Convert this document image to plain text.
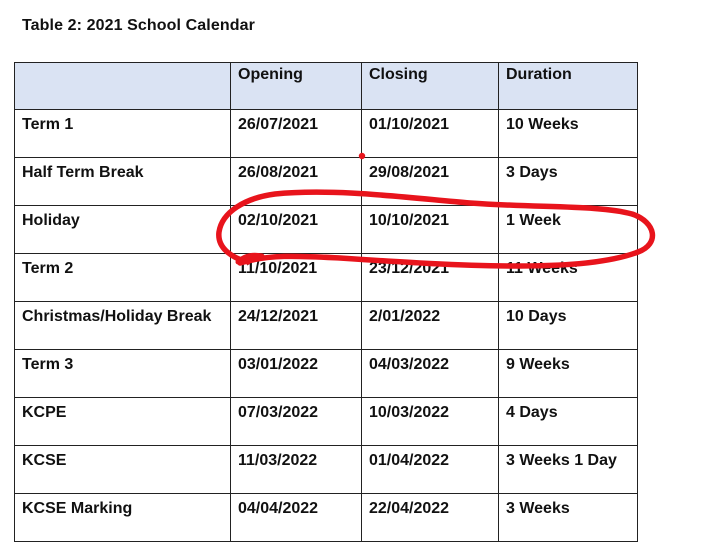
Table 2: 2021 School Calendar
	Opening	Closing	Duration
Term 1	26/07/2021	01/10/2021	10 Weeks
Half Term Break	26/08/2021	29/08/2021	3 Days
Holiday	02/10/2021	10/10/2021	1 Week
Term 2	11/10/2021	23/12/2021	11 Weeks
Christmas/Holiday Break	24/12/2021	2/01/2022	10 Days
Term 3	03/01/2022	04/03/2022	9 Weeks
KCPE	07/03/2022	10/03/2022	4 Days
KCSE	11/03/2022	01/04/2022	3 Weeks 1 Day
KCSE Marking	04/04/2022	22/04/2022	3 Weeks
